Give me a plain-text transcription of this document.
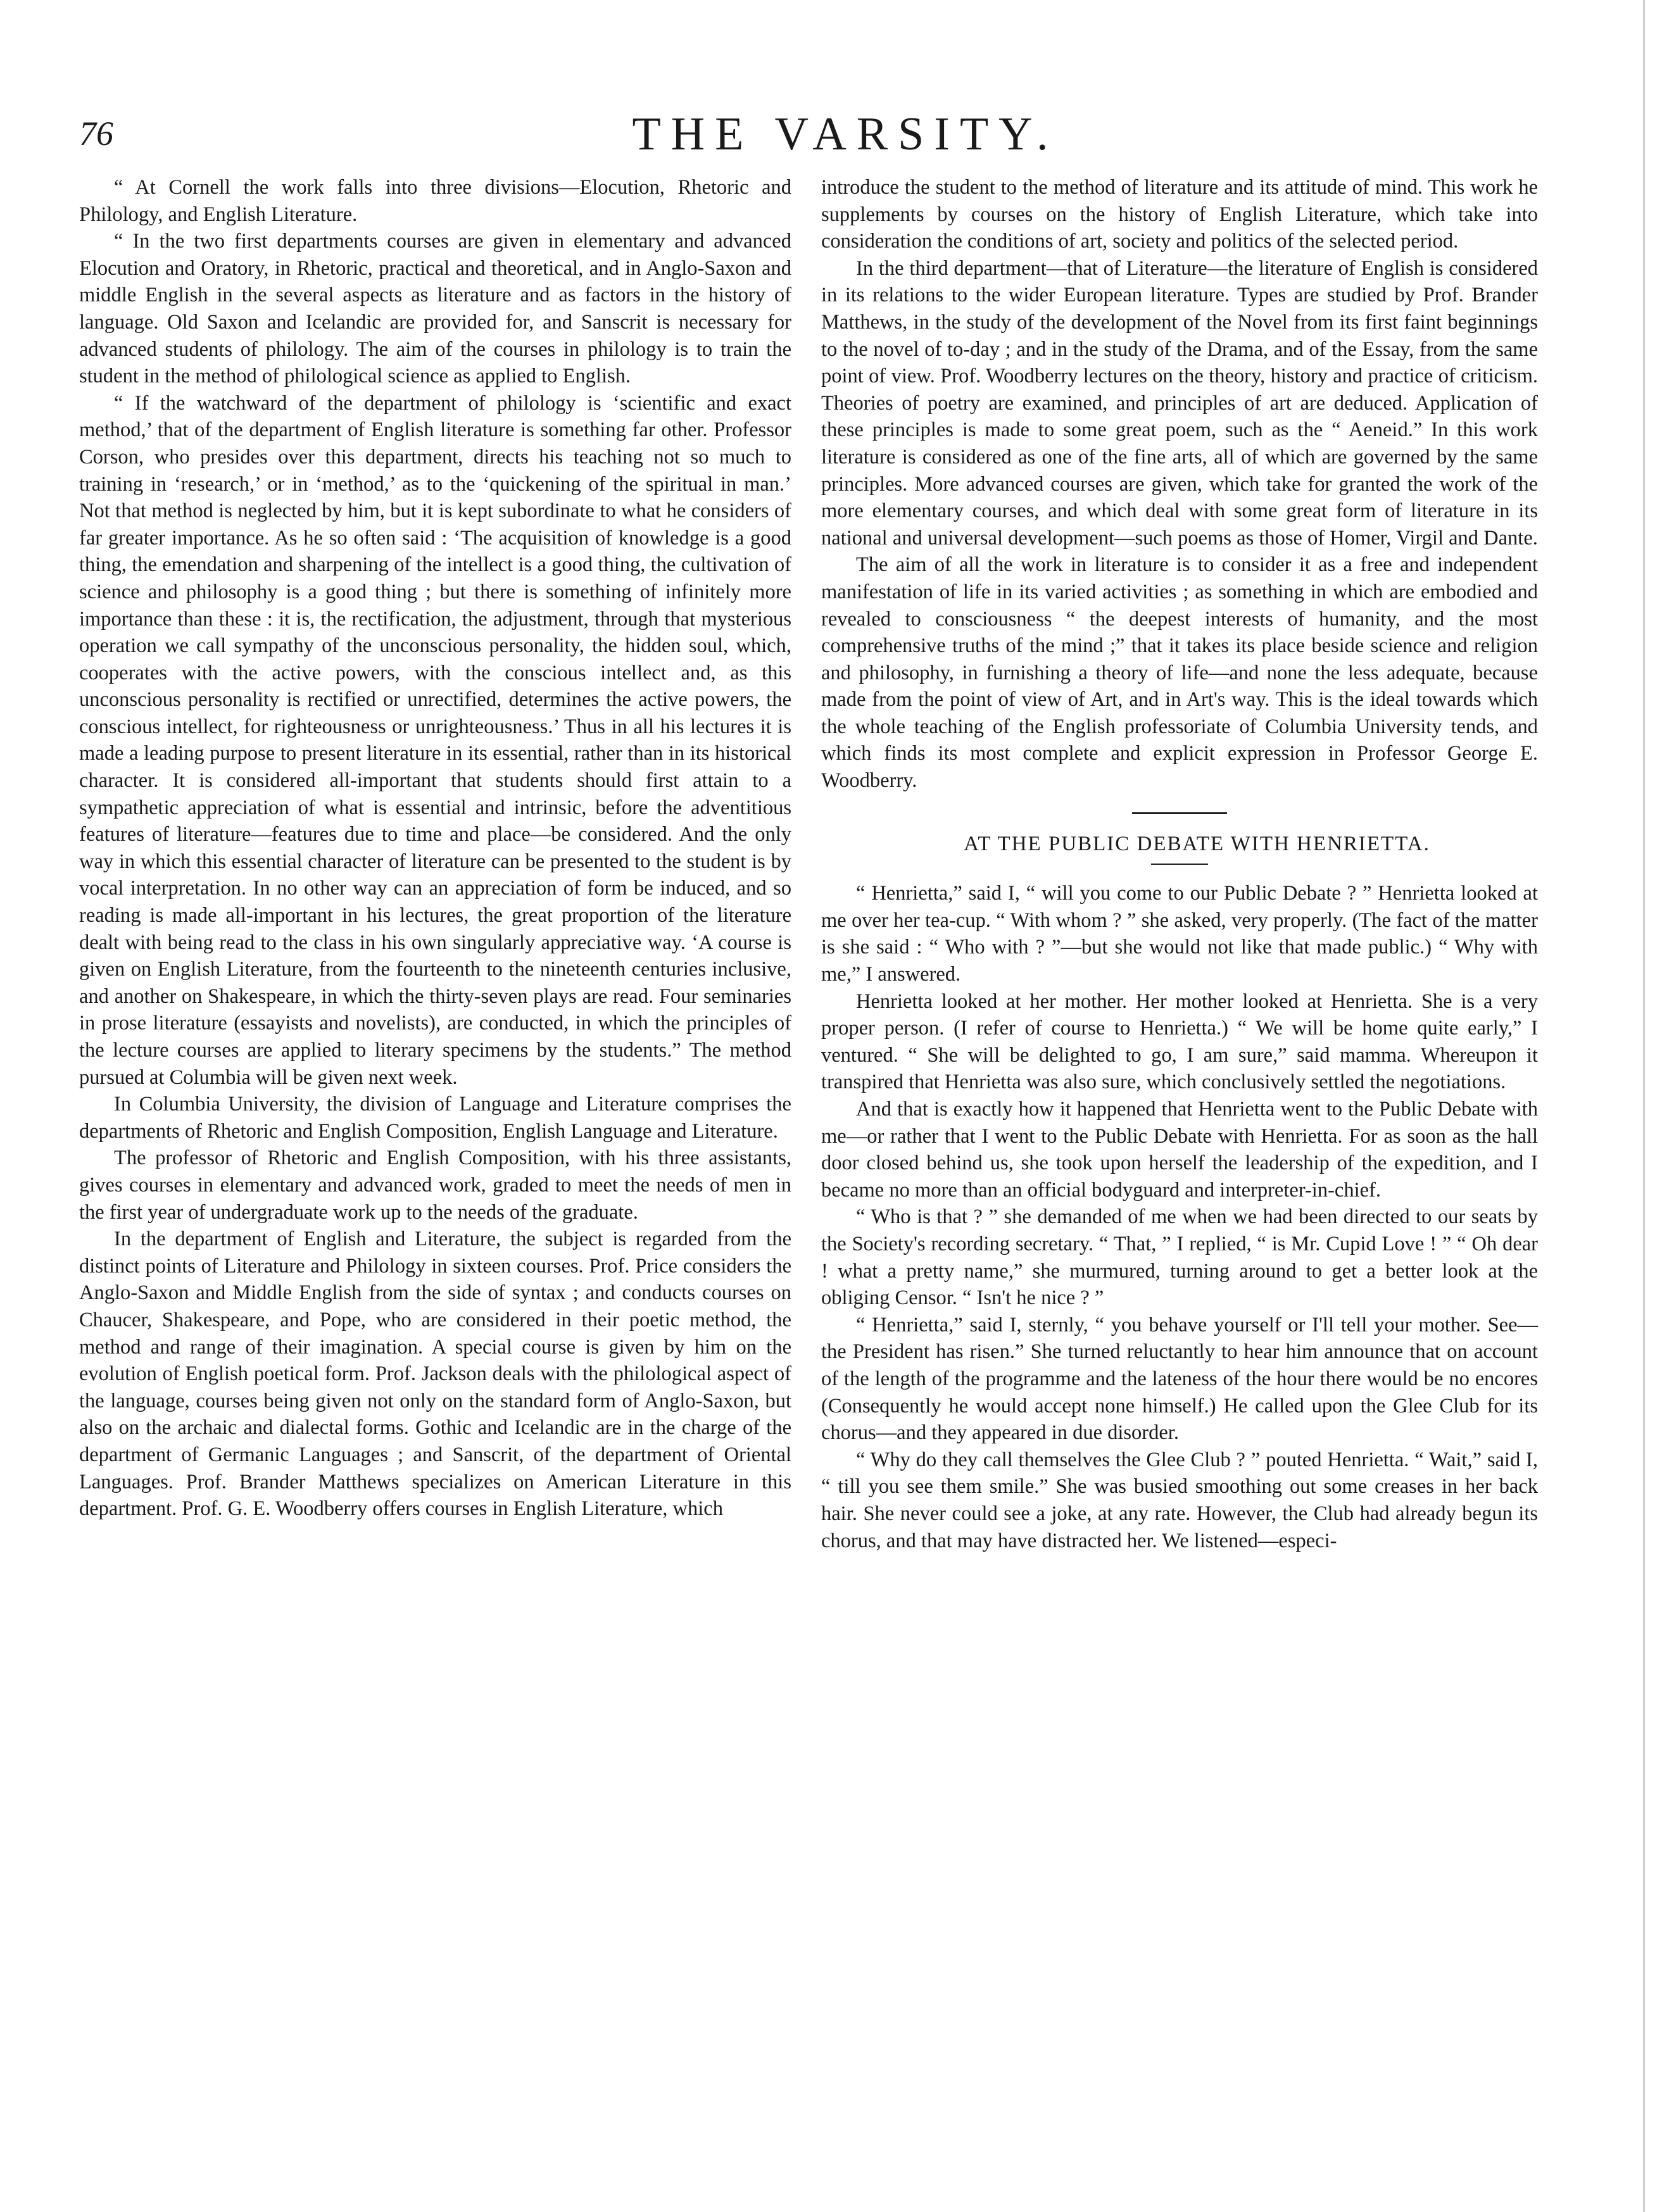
76	THE VARSITY.

“ At Cornell the work falls into three divisions—Elocution, Rhetoric and Philology, and English Literature.

“ In the two first departments courses are given in elementary and advanced Elocution and Oratory, in Rhetoric, practical and theoretical, and in Anglo-Saxon and middle English in the several aspects as literature and as factors in the history of language. Old Saxon and Icelandic are provided for, and Sanscrit is necessary for advanced students of philology. The aim of the courses in philology is to train the student in the method of philological science as applied to English.

“ If the watchward of the department of philology is ‘scientific and exact method,’ that of the department of English literature is something far other. Professor Corson, who presides over this department, directs his teaching not so much to training in ‘research,’ or in ‘method,’ as to the ‘quickening of the spiritual in man.’ Not that method is neglected by him, but it is kept subordinate to what he considers of far greater importance. As he so often said : ‘The acquisition of knowledge is a good thing, the emendation and sharpening of the intellect is a good thing, the cultivation of science and philosophy is a good thing ; but there is something of infinitely more importance than these : it is, the rectification, the adjustment, through that mysterious operation we call sympathy of the unconscious personality, the hidden soul, which, cooperates with the active powers, with the conscious intellect and, as this unconscious personality is rectified or unrectified, determines the active powers, the conscious intellect, for righteousness or unrighteousness.’ Thus in all his lectures it is made a leading purpose to present literature in its essential, rather than in its historical character. It is considered all-important that students should first attain to a sympathetic appreciation of what is essential and intrinsic, before the adventitious features of literature—features due to time and place—be considered. And the only way in which this essential character of literature can be presented to the student is by vocal interpretation. In no other way can an appreciation of form be induced, and so reading is made all-important in his lectures, the great proportion of the literature dealt with being read to the class in his own singularly appreciative way. ‘A course is given on English Literature, from the fourteenth to the nineteenth centuries inclusive, and another on Shakespeare, in which the thirty-seven plays are read. Four seminaries in prose literature (essayists and novelists), are conducted, in which the principles of the lecture courses are applied to literary specimens by the students.” The method pursued at Columbia will be given next week.

In Columbia University, the division of Language and Literature comprises the departments of Rhetoric and English Composition, English Language and Literature.

The professor of Rhetoric and English Composition, with his three assistants, gives courses in elementary and advanced work, graded to meet the needs of men in the first year of undergraduate work up to the needs of the graduate.

In the department of English and Literature, the subject is regarded from the distinct points of Literature and Philology in sixteen courses. Prof. Price considers the Anglo-Saxon and Middle English from the side of syntax ; and conducts courses on Chaucer, Shakespeare, and Pope, who are considered in their poetic method, the method and range of their imagination. A special course is given by him on the evolution of English poetical form. Prof. Jackson deals with the philological aspect of the language, courses being given not only on the standard form of Anglo-Saxon, but also on the archaic and dialectal forms. Gothic and Icelandic are in the charge of the department of Germanic Languages ; and Sanscrit, of the department of Oriental Languages. Prof. Brander Matthews specializes on American Literature in this department. Prof. G. E. Woodberry offers courses in English Literature, which

introduce the student to the method of literature and its attitude of mind. This work he supplements by courses on the history of English Literature, which take into consideration the conditions of art, society and politics of the selected period.

In the third department—that of Literature—the literature of English is considered in its relations to the wider European literature. Types are studied by Prof. Brander Matthews, in the study of the development of the Novel from its first faint beginnings to the novel of to-day ; and in the study of the Drama, and of the Essay, from the same point of view. Prof. Woodberry lectures on the theory, history and practice of criticism. Theories of poetry are examined, and principles of art are deduced. Application of these principles is made to some great poem, such as the “ Aeneid.” In this work literature is considered as one of the fine arts, all of which are governed by the same principles. More advanced courses are given, which take for granted the work of the more elementary courses, and which deal with some great form of literature in its national and universal development—such poems as those of Homer, Virgil and Dante.

The aim of all the work in literature is to consider it as a free and independent manifestation of life in its varied activities ; as something in which are embodied and revealed to consciousness “ the deepest interests of humanity, and the most comprehensive truths of the mind ;” that it takes its place beside science and religion and philosophy, in furnishing a theory of life—and none the less adequate, because made from the point of view of Art, and in Art's way. This is the ideal towards which the whole teaching of the English professoriate of Columbia University tends, and which finds its most complete and explicit expression in Professor George E. Woodberry.

AT THE PUBLIC DEBATE WITH HENRIETTA.

“ Henrietta,” said I, “ will you come to our Public Debate ? ” Henrietta looked at me over her tea-cup. “ With whom ? ” she asked, very properly. (The fact of the matter is she said : “ Who with ? ”—but she would not like that made public.) “ Why with me,” I answered.

Henrietta looked at her mother. Her mother looked at Henrietta. She is a very proper person. (I refer of course to Henrietta.) “ We will be home quite early,” I ventured. “ She will be delighted to go, I am sure,” said mamma. Whereupon it transpired that Henrietta was also sure, which conclusively settled the negotiations.

And that is exactly how it happened that Henrietta went to the Public Debate with me—or rather that I went to the Public Debate with Henrietta. For as soon as the hall door closed behind us, she took upon herself the leadership of the expedition, and I became no more than an official bodyguard and interpreter-in-chief.

“ Who is that ? ” she demanded of me when we had been directed to our seats by the Society's recording secretary. “ That, ” I replied, “ is Mr. Cupid Love ! ” “ Oh dear ! what a pretty name,” she murmured, turning around to get a better look at the obliging Censor. “ Isn't he nice ? ”

“ Henrietta,” said I, sternly, “ you behave yourself or I'll tell your mother. See—the President has risen.” She turned reluctantly to hear him announce that on account of the length of the programme and the lateness of the hour there would be no encores (Consequently he would accept none himself.) He called upon the Glee Club for its chorus—and they appeared in due disorder.

“ Why do they call themselves the Glee Club ? ” pouted Henrietta. “ Wait,” said I, “ till you see them smile.” She was busied smoothing out some creases in her back hair. She never could see a joke, at any rate. However, the Club had already begun its chorus, and that may have distracted her. We listened—especi-
